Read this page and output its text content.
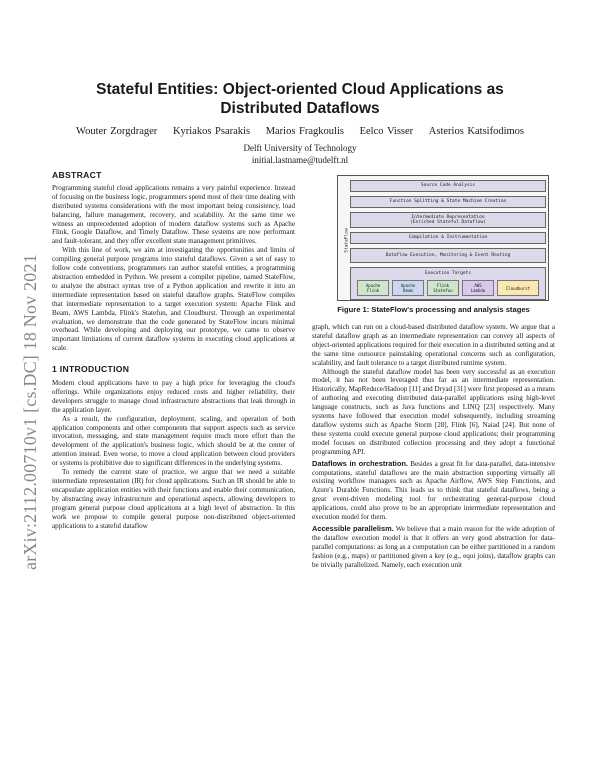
arXiv:2112.00710v1 [cs.DC] 18 Nov 2021
Stateful Entities: Object-oriented Cloud Applications as Distributed Dataflows
Wouter Zorgdrager Kyriakos Psarakis Marios Fragkoulis Eelco Visser Asterios Katsifodimos
Delft University of Technology
initial.lastname@tudelft.nl
ABSTRACT

Programming stateful cloud applications remains a very painful experience. Instead of focusing on the business logic, programmers spend most of their time dealing with distributed systems considerations with the most important being consistency, load balancing, failure management, recovery, and scalability. At the same time we witness an unprecedented adoption of modern dataflow systems such as Apache Flink, Google Dataflow, and Timely Dataflow. These systems are now performant and fault-tolerant, and they offer excellent state management primitives.

With this line of work, we aim at investigating the opportunities and limits of compiling general purpose programs into stateful dataflows. Given a set of easy to follow code conventions, programmers can author stateful entities, a programming abstraction embedded in Python. We present a compiler pipeline, named StateFlow, to analyze the abstract syntax tree of a Python application and rewrite it into an intermediate representation based on stateful dataflow graphs. StateFlow compiles that intermediate representation to a target execution system: Apache Flink and Beam, AWS Lambda, Flink's Statefun, and Cloudburst. Through an experimental evaluation, we demonstrate that the code generated by StateFlow incurs minimal overhead. While developing and deploying our prototype, we came to observe important limitations of current dataflow systems in executing cloud applications at scale.

1 INTRODUCTION

Modern cloud applications have to pay a high price for leveraging the cloud's offerings. While organizations enjoy reduced costs and higher reliability, their developers struggle to manage cloud infrastructure abstractions that leak through in the application layer.

As a result, the configuration, deployment, scaling, and operation of both application components and other components that support aspects such as service invocation, messaging, and state management require much more effort than the development of the application's business logic, which should be at the center of attention instead. Even worse, to move a cloud application between cloud providers or systems is prohibitive due to significant differences in the underlying systems.

To remedy the current state of practice, we argue that we need a suitable intermediate representation (IR) for cloud applications. Such an IR should be able to encapsulate application entities with their functions and enable their communication, by abstracting away infrastructure and operational aspects, allowing developers to program general purpose cloud applications at a high level of abstraction. In this work we propose to compile general purpose non-distributed object-oriented applications to a stateful dataflow

StateFlow
Source Code Analysis
Function Splitting & State Machine Creation
Intermediate Representation
(Enriched Stateful Dataflow)
Compilation & Instrumentation
Dataflow Execution, Monitoring & Event Routing
Execution Targets
Apache
Flink
Apache
Beam
Flink
Statefun
AWS
Lambda	Cloudburst
Figure 1: StateFlow's processing and analysis stages

graph, which can run on a cloud-based distributed dataflow system. We argue that a stateful dataflow graph as an intermediate representation can convey all aspects of object-oriented applications required for their execution in a distributed setting and at the same time outsource painstaking operational concerns such as configuration, scalability, and fault tolerance to a target distributed runtime system.

Although the stateful dataflow model has been very successful as an execution model, it has not been leveraged thus far as an intermediate representation. Historically, MapReduce/Hadoop [11] and Dryad [31] were first proposed as a means of authoring and executing distributed data-parallel applications using high-level language constructs, such as Java functions and LINQ [23] respectively. Many systems have followed that execution model subsequently, including streaming dataflow systems such as Apache Storm [28], Flink [6], Naiad [24]. But none of these systems could execute general purpose cloud applications; their programming model focuses on distributed collection processing and they adopt a functional programming API.

Dataflows in orchestration. Besides a great fit for data-parallel, data-intensive computations, stateful dataflows are the main abstraction supporting virtually all existing workflow managers such as Apache Airflow, AWS Step Functions, and Azure's Durable Functions. This leads us to think that stateful dataflows, being a great event-driven modeling tool for orchestrating general-purpose cloud applications, could also prove to be an appropriate intermediate representation and execution model for them.

Accessible parallelism. We believe that a main reason for the wide adoption of the dataflow execution model is that it offers an very good abstraction for data-parallel computations: as long as a computation can be either partitioned in a random fashion (e.g., maps) or partitioned given a key (e.g., equi joins), dataflow graphs can be trivially parallelized. Namely, each execution unit
